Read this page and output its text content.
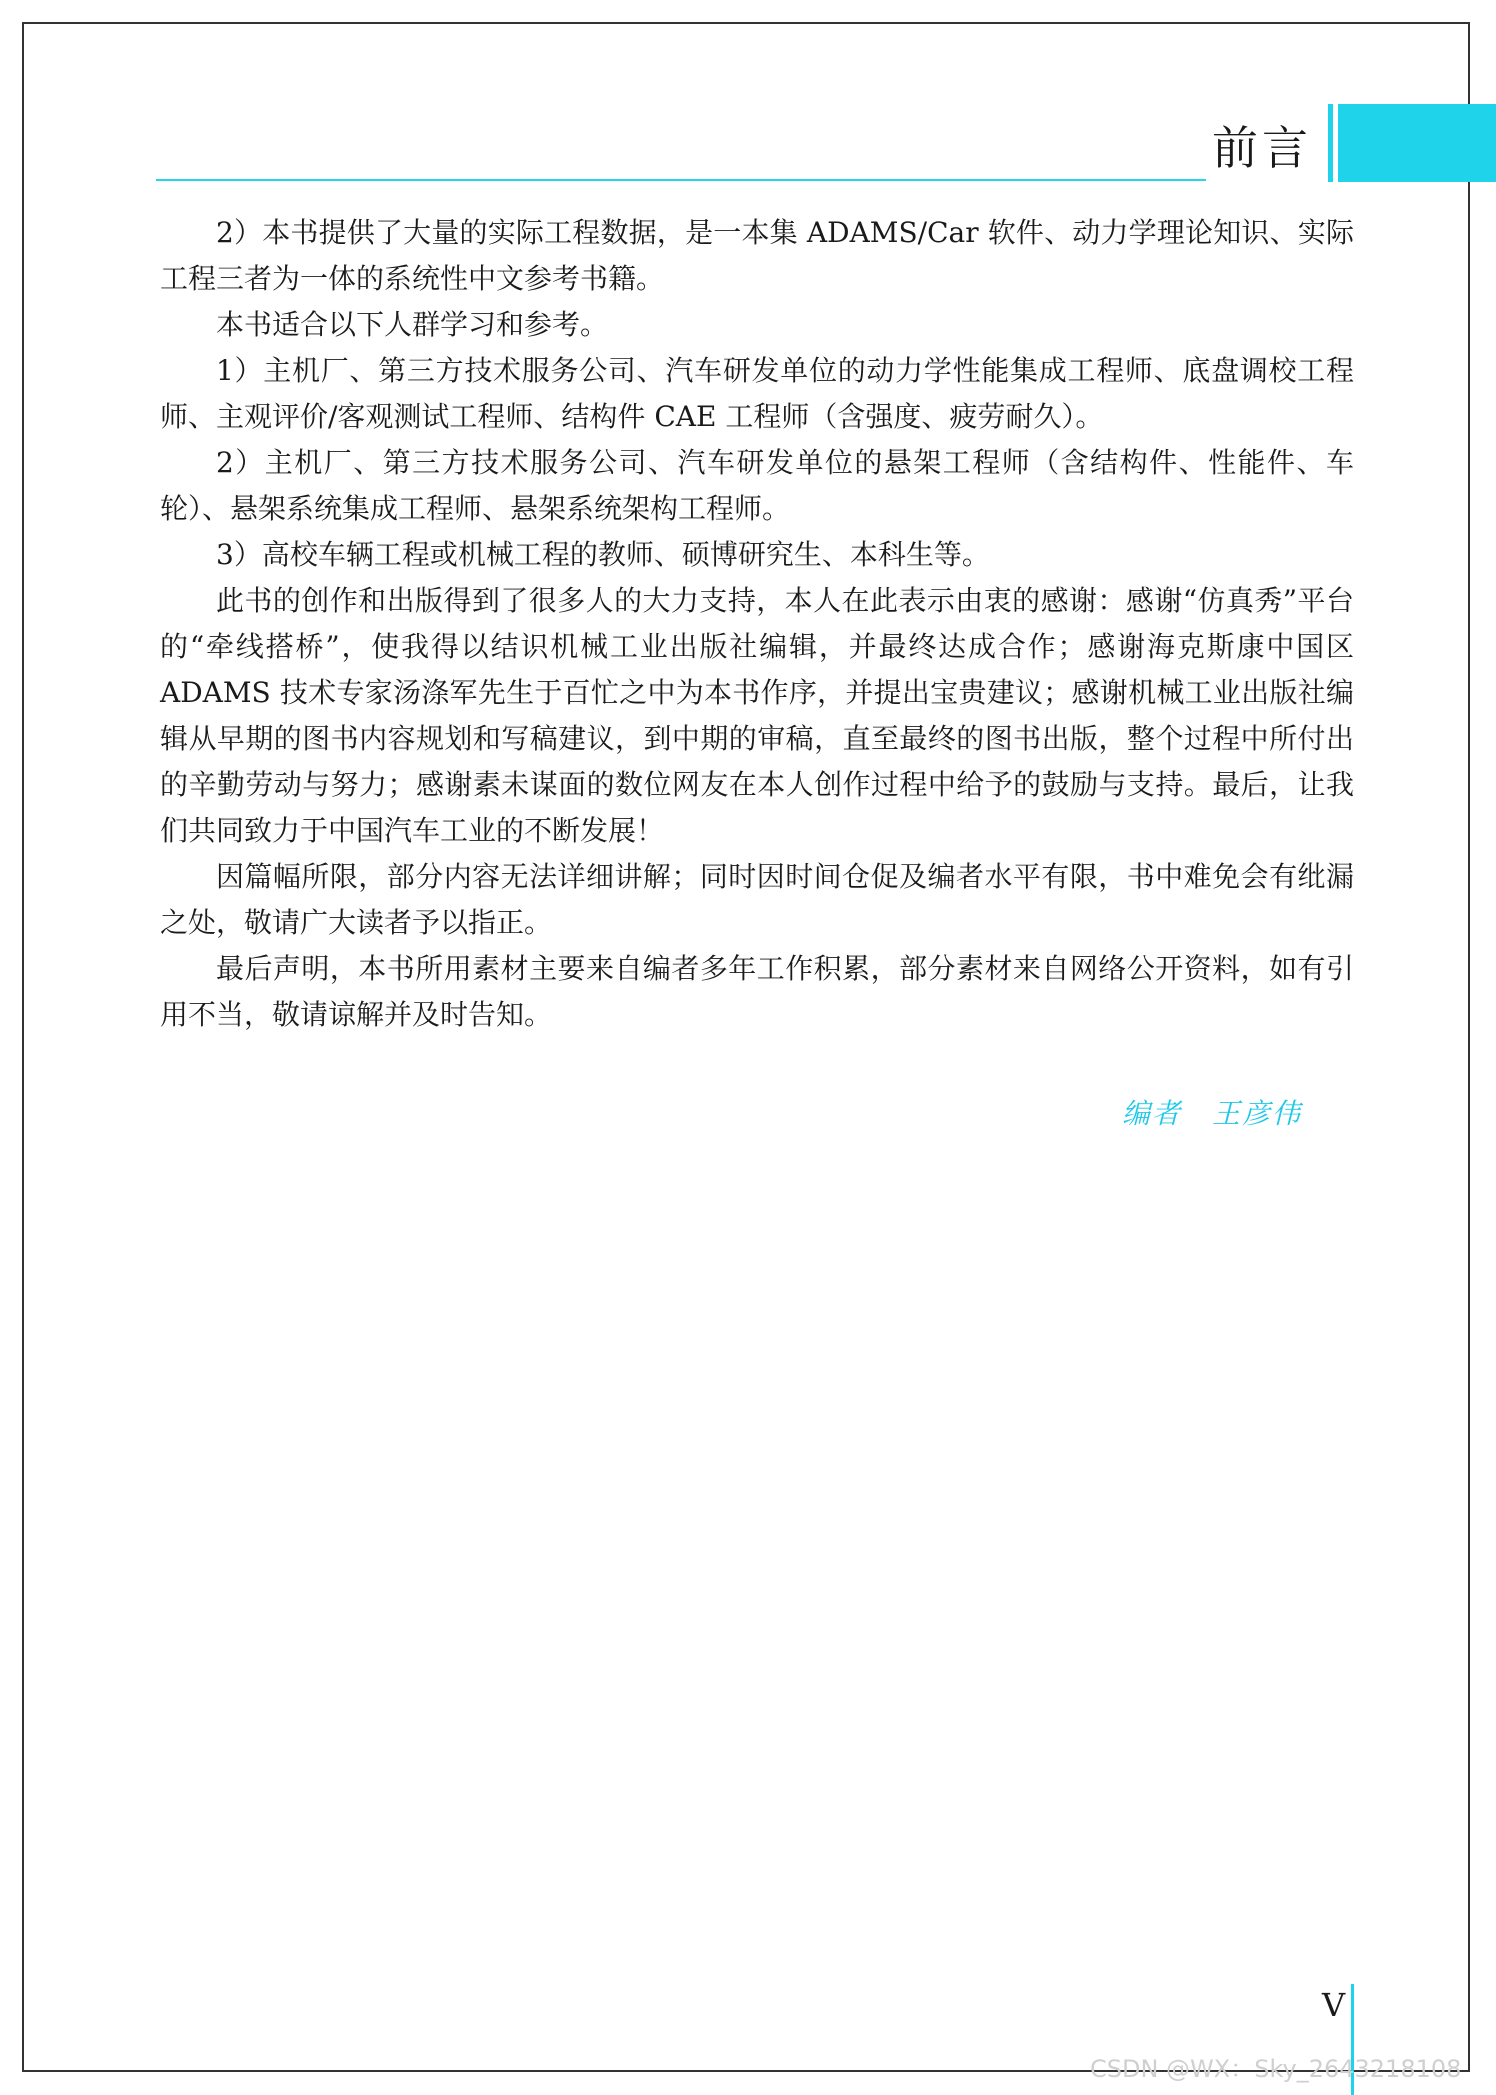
前言

2）本书提供了大量的实际工程数据，是一本集 ADAMS/Car 软件、动力学理论知识、实际工程三者为一体的系统性中文参考书籍。

本书适合以下人群学习和参考。

1）主机厂、第三方技术服务公司、汽车研发单位的动力学性能集成工程师、底盘调校工程师、主观评价/客观测试工程师、结构件 CAE 工程师（含强度、疲劳耐久）。

2）主机厂、第三方技术服务公司、汽车研发单位的悬架工程师（含结构件、性能件、车轮）、悬架系统集成工程师、悬架系统架构工程师。

3）高校车辆工程或机械工程的教师、硕博研究生、本科生等。

此书的创作和出版得到了很多人的大力支持，本人在此表示由衷的感谢：感谢“仿真秀”平台的“牵线搭桥”，使我得以结识机械工业出版社编辑，并最终达成合作；感谢海克斯康中国区 ADAMS 技术专家汤涤军先生于百忙之中为本书作序，并提出宝贵建议；感谢机械工业出版社编辑从早期的图书内容规划和写稿建议，到中期的审稿，直至最终的图书出版，整个过程中所付出的辛勤劳动与努力；感谢素未谋面的数位网友在本人创作过程中给予的鼓励与支持。最后，让我们共同致力于中国汽车工业的不断发展！

因篇幅所限，部分内容无法详细讲解；同时因时间仓促及编者水平有限，书中难免会有纰漏之处，敬请广大读者予以指正。

最后声明，本书所用素材主要来自编者多年工作积累，部分素材来自网络公开资料，如有引用不当，敬请谅解并及时告知。

编者　王彦伟
V
CSDN @WX：Sky_2643218108
